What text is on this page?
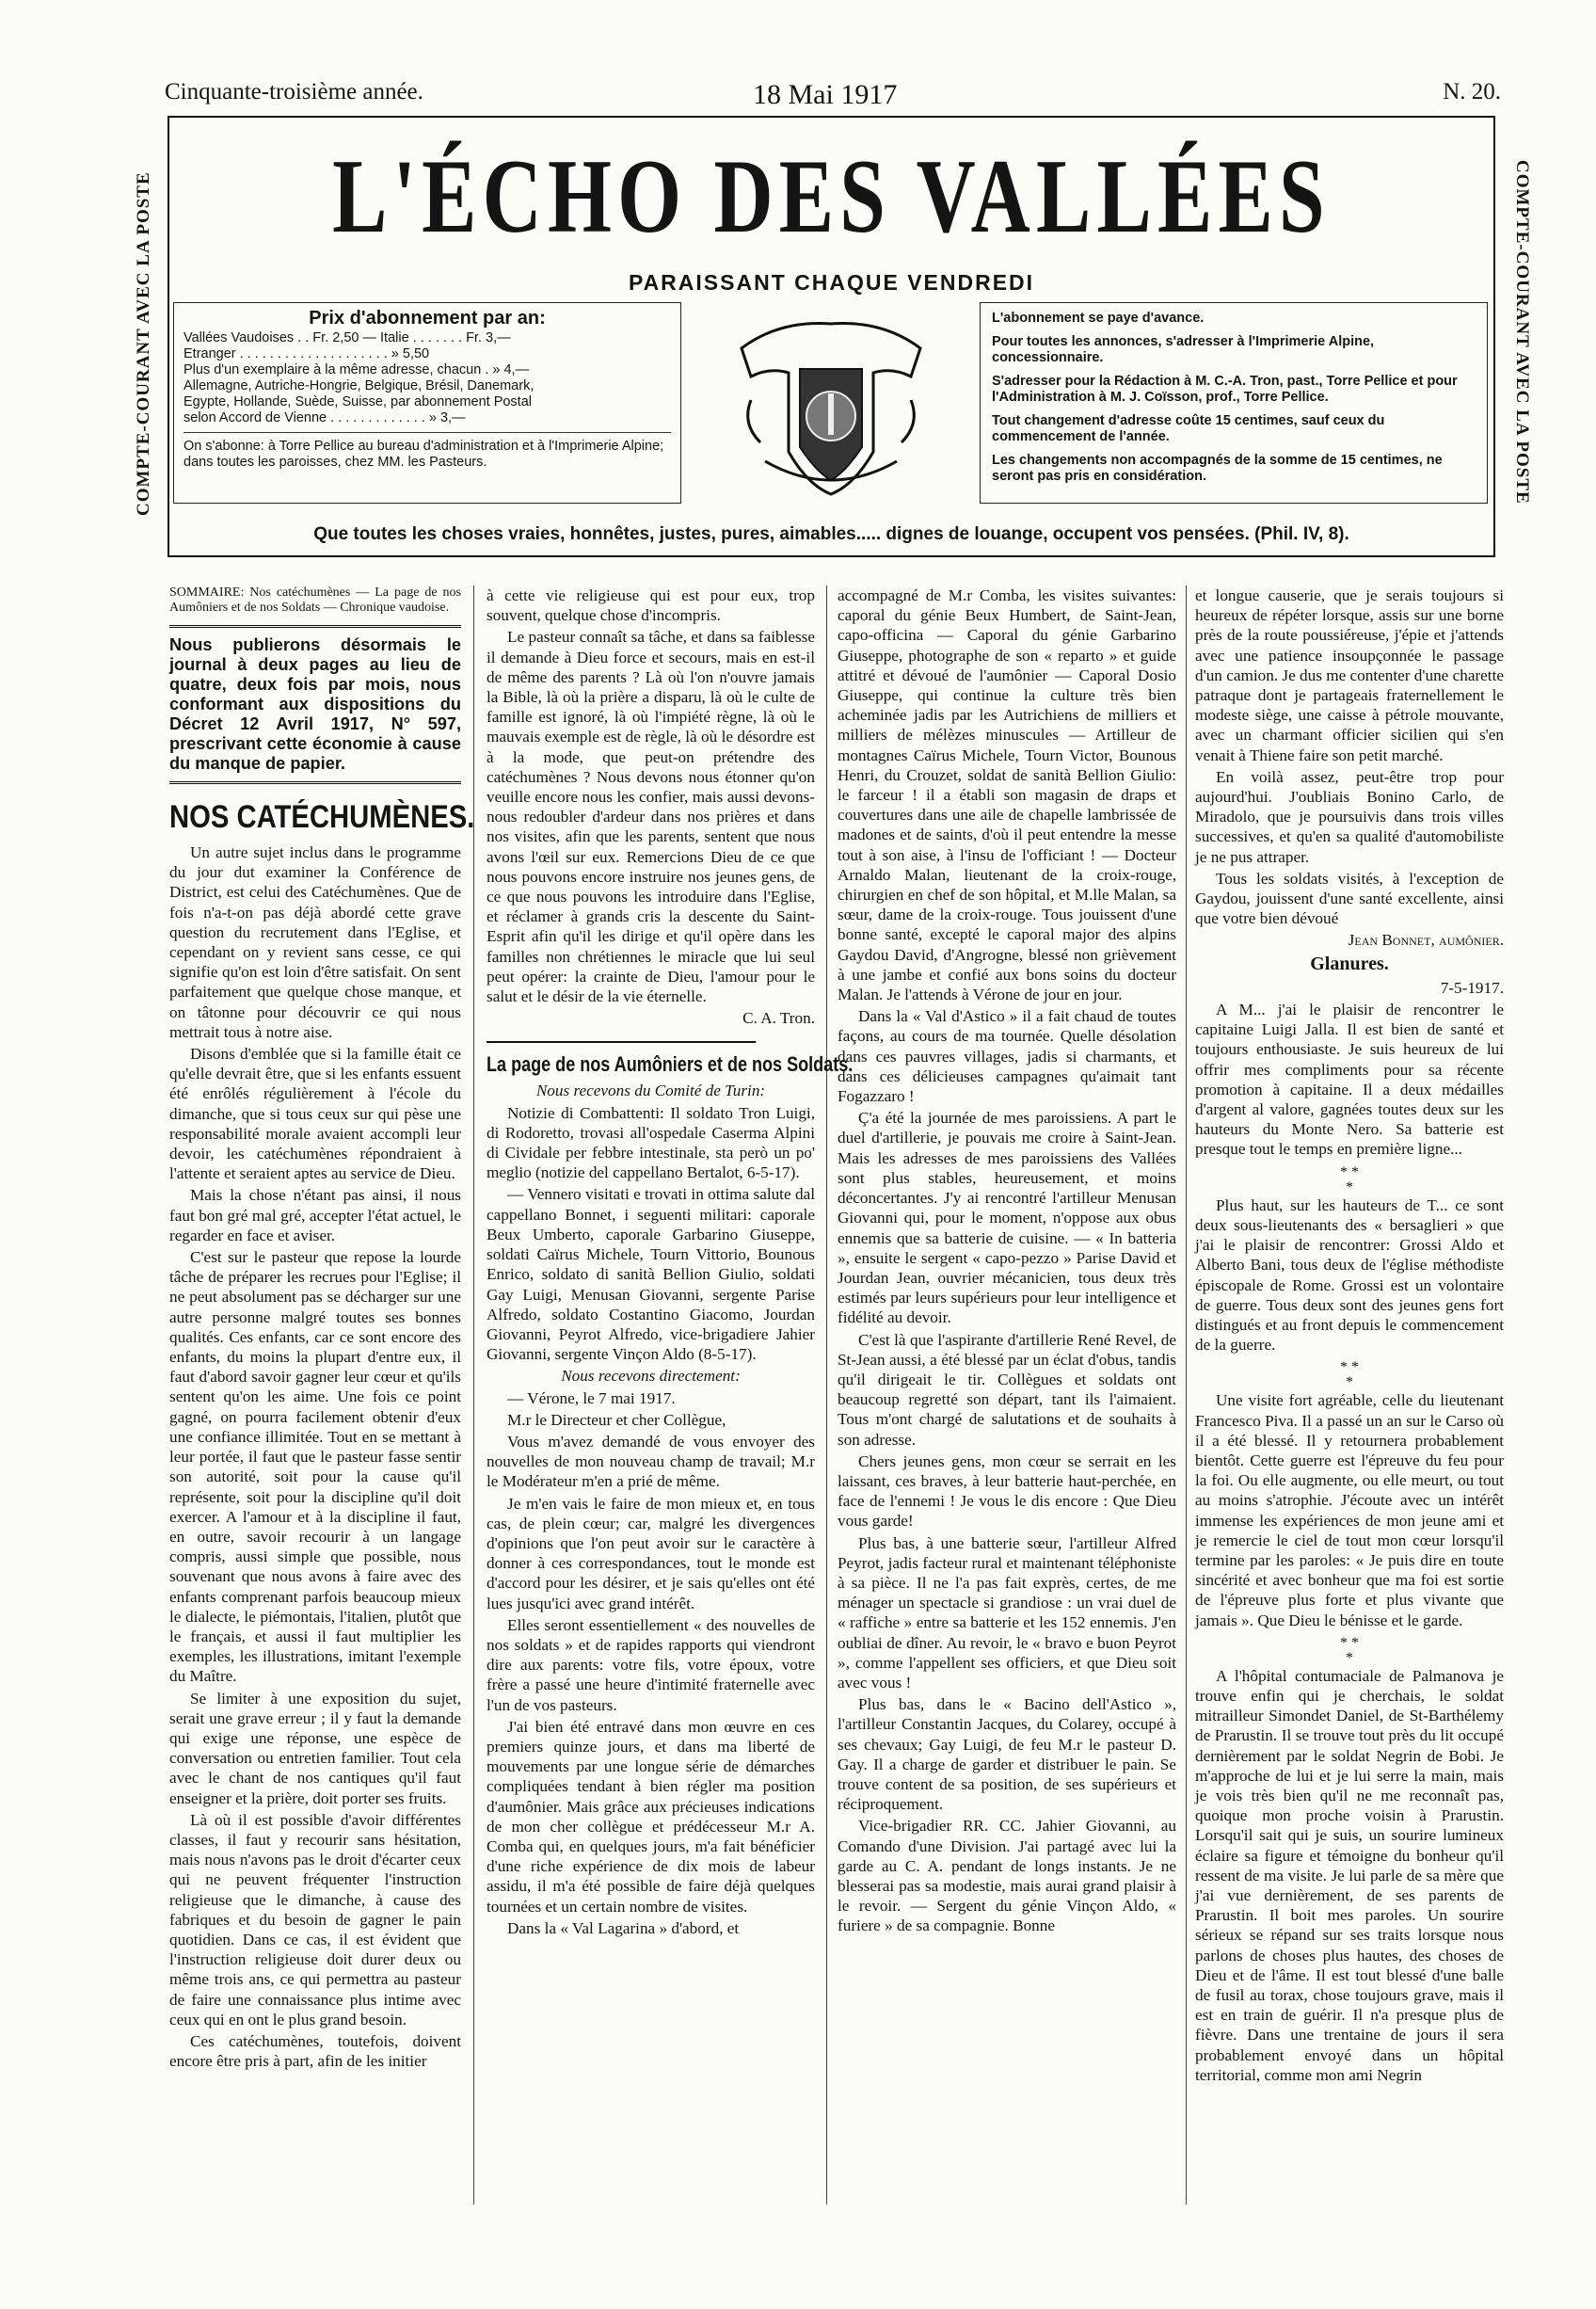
Cinquante-troisième année.	18 Mai 1917	N. 20.
COMPTE-COURANT AVEC LA POSTE	COMPTE-COURANT AVEC LA POSTE
L'ÉCHO DES VALLÉES
PARAISSANT CHAQUE VENDREDI
Prix d'abonnement par an:
Vallées Vaudoises . . Fr. 2,50 — Italie . . . . . . . Fr. 3,—
Etranger . . . . . . . . . . . . . . . . . . . . » 5,50
Plus d'un exemplaire à la même adresse, chacun . » 4,—
Allemagne, Autriche-Hongrie, Belgique, Brésil, Danemark,
Egypte, Hollande, Suède, Suisse, par abonnement Postal
selon Accord de Vienne . . . . . . . . . . . . . » 3,—
On s'abonne: à Torre Pellice au bureau d'administration et à l'Imprimerie Alpine; dans toutes les paroisses, chez MM. les Pasteurs.

L'abonnement se paye d'avance.

Pour toutes les annonces, s'adresser à l'Imprimerie Alpine, concessionnaire.

S'adresser pour la Rédaction à M. C.-A. Tron, past., Torre Pellice et pour l'Administration à M. J. Coïsson, prof., Torre Pellice.

Tout changement d'adresse coûte 15 centimes, sauf ceux du commencement de l'année.

Les changements non accompagnés de la somme de 15 centimes, ne seront pas pris en considération.

Que toutes les choses vraies, honnêtes, justes, pures, aimables..... dignes de louange, occupent vos pensées. (Phil. IV, 8).

SOMMAIRE: Nos catéchumènes — La page de nos Aumôniers et de nos Soldats — Chronique vaudoise.

Nous publierons désormais le journal à deux pages au lieu de quatre, deux fois par mois, nous conformant aux dispositions du Décret 12 Avril 1917, N° 597, prescrivant cette économie à cause du manque de papier.

NOS CATÉCHUMÈNES.

Un autre sujet inclus dans le programme du jour dut examiner la Conférence de District, est celui des Catéchumènes. Que de fois n'a-t-on pas déjà abordé cette grave question du recrutement dans l'Eglise, et cependant on y revient sans cesse, ce qui signifie qu'on est loin d'être satisfait. On sent parfaitement que quelque chose manque, et on tâtonne pour découvrir ce qui nous mettrait tous à notre aise.

Disons d'emblée que si la famille était ce qu'elle devrait être, que si les enfants essuent été enrôlés régulièrement à l'école du dimanche, que si tous ceux sur qui pèse une responsabilité morale avaient accompli leur devoir, les catéchumènes répondraient à l'attente et seraient aptes au service de Dieu.

Mais la chose n'étant pas ainsi, il nous faut bon gré mal gré, accepter l'état actuel, le regarder en face et aviser.

C'est sur le pasteur que repose la lourde tâche de préparer les recrues pour l'Eglise; il ne peut absolument pas se décharger sur une autre personne malgré toutes ses bonnes qualités. Ces enfants, car ce sont encore des enfants, du moins la plupart d'entre eux, il faut d'abord savoir gagner leur cœur et qu'ils sentent qu'on les aime. Une fois ce point gagné, on pourra facilement obtenir d'eux une confiance illimitée. Tout en se mettant à leur portée, il faut que le pasteur fasse sentir son autorité, soit pour la cause qu'il représente, soit pour la discipline qu'il doit exercer. A l'amour et à la discipline il faut, en outre, savoir recourir à un langage compris, aussi simple que possible, nous souvenant que nous avons à faire avec des enfants comprenant parfois beaucoup mieux le dialecte, le piémontais, l'italien, plutôt que le français, et aussi il faut multiplier les exemples, les illustrations, imitant l'exemple du Maître.

Se limiter à une exposition du sujet, serait une grave erreur ; il y faut la demande qui exige une réponse, une espèce de conversation ou entretien familier. Tout cela avec le chant de nos cantiques qu'il faut enseigner et la prière, doit porter ses fruits.

Là où il est possible d'avoir différentes classes, il faut y recourir sans hésitation, mais nous n'avons pas le droit d'écarter ceux qui ne peuvent fréquenter l'instruction religieuse que le dimanche, à cause des fabriques et du besoin de gagner le pain quotidien. Dans ce cas, il est évident que l'instruction religieuse doit durer deux ou même trois ans, ce qui permettra au pasteur de faire une connaissance plus intime avec ceux qui en ont le plus grand besoin.

Ces catéchumènes, toutefois, doivent encore être pris à part, afin de les initier

à cette vie religieuse qui est pour eux, trop souvent, quelque chose d'incompris.

Le pasteur connaît sa tâche, et dans sa faiblesse il demande à Dieu force et secours, mais en est-il de même des parents ? Là où l'on n'ouvre jamais la Bible, là où la prière a disparu, là où le culte de famille est ignoré, là où l'impiété règne, là où le mauvais exemple est de règle, là où le désordre est à la mode, que peut-on prétendre des catéchumènes ? Nous devons nous étonner qu'on veuille encore nous les confier, mais aussi devons-nous redoubler d'ardeur dans nos prières et dans nos visites, afin que les parents, sentent que nous avons l'œil sur eux. Remercions Dieu de ce que nous pouvons encore instruire nos jeunes gens, de ce que nous pouvons les introduire dans l'Eglise, et réclamer à grands cris la descente du Saint-Esprit afin qu'il les dirige et qu'il opère dans les familles non chrétiennes le miracle que lui seul peut opérer: la crainte de Dieu, l'amour pour le salut et le désir de la vie éternelle.

C. A. Tron.

La page de nos Aumôniers et de nos Soldats.

Nous recevons du Comité de Turin:

Notizie di Combattenti: Il soldato Tron Luigi, di Rodoretto, trovasi all'ospedale Caserma Alpini di Cividale per febbre intestinale, sta però un po' meglio (notizie del cappellano Bertalot, 6-5-17).

— Vennero visitati e trovati in ottima salute dal cappellano Bonnet, i seguenti militari: caporale Beux Umberto, caporale Garbarino Giuseppe, soldati Caïrus Michele, Tourn Vittorio, Bounous Enrico, soldato di sanità Bellion Giulio, soldati Gay Luigi, Menusan Giovanni, sergente Parise Alfredo, soldato Costantino Giacomo, Jourdan Giovanni, Peyrot Alfredo, vice-brigadiere Jahier Giovanni, sergente Vinçon Aldo (8-5-17).

Nous recevons directement:

— Vérone, le 7 mai 1917.

M.r le Directeur et cher Collègue,

Vous m'avez demandé de vous envoyer des nouvelles de mon nouveau champ de travail; M.r le Modérateur m'en a prié de même.

Je m'en vais le faire de mon mieux et, en tous cas, de plein cœur; car, malgré les divergences d'opinions que l'on peut avoir sur le caractère à donner à ces correspondances, tout le monde est d'accord pour les désirer, et je sais qu'elles ont été lues jusqu'ici avec grand intérêt.

Elles seront essentiellement « des nouvelles de nos soldats » et de rapides rapports qui viendront dire aux parents: votre fils, votre époux, votre frère a passé une heure d'intimité fraternelle avec l'un de vos pasteurs.

J'ai bien été entravé dans mon œuvre en ces premiers quinze jours, et dans ma liberté de mouvements par une longue série de démarches compliquées tendant à bien régler ma position d'aumônier. Mais grâce aux précieuses indications de mon cher collègue et prédécesseur M.r A. Comba qui, en quelques jours, m'a fait bénéficier d'une riche expérience de dix mois de labeur assidu, il m'a été possible de faire déjà quelques tournées et un certain nombre de visites.

Dans la « Val Lagarina » d'abord, et

accompagné de M.r Comba, les visites suivantes: caporal du génie Beux Humbert, de Saint-Jean, capo-officina — Caporal du génie Garbarino Giuseppe, photographe de son « reparto » et guide attitré et dévoué de l'aumônier — Caporal Dosio Giuseppe, qui continue la culture très bien acheminée jadis par les Autrichiens de milliers et milliers de mélèzes minuscules — Artilleur de montagnes Caïrus Michele, Tourn Victor, Bounous Henri, du Crouzet, soldat de sanità Bellion Giulio: le farceur ! il a établi son magasin de draps et couvertures dans une aile de chapelle lambrissée de madones et de saints, d'où il peut entendre la messe tout à son aise, à l'insu de l'officiant ! — Docteur Arnaldo Malan, lieutenant de la croix-rouge, chirurgien en chef de son hôpital, et M.lle Malan, sa sœur, dame de la croix-rouge. Tous jouissent d'une bonne santé, excepté le caporal major des alpins Gaydou David, d'Angrogne, blessé non grièvement à une jambe et confié aux bons soins du docteur Malan. Je l'attends à Vérone de jour en jour.

Dans la « Val d'Astico » il a fait chaud de toutes façons, au cours de ma tournée. Quelle désolation dans ces pauvres villages, jadis si charmants, et dans ces délicieuses campagnes qu'aimait tant Fogazzaro !

Ç'a été la journée de mes paroissiens. A part le duel d'artillerie, je pouvais me croire à Saint-Jean. Mais les adresses de mes paroissiens des Vallées sont plus stables, heureusement, et moins déconcertantes. J'y ai rencontré l'artilleur Menusan Giovanni qui, pour le moment, n'oppose aux obus ennemis que sa batterie de cuisine. — « In batteria », ensuite le sergent « capo-pezzo » Parise David et Jourdan Jean, ouvrier mécanicien, tous deux très estimés par leurs supérieurs pour leur intelligence et fidélité au devoir.

C'est là que l'aspirante d'artillerie René Revel, de St-Jean aussi, a été blessé par un éclat d'obus, tandis qu'il dirigeait le tir. Collègues et soldats ont beaucoup regretté son départ, tant ils l'aimaient. Tous m'ont chargé de salutations et de souhaits à son adresse.

Chers jeunes gens, mon cœur se serrait en les laissant, ces braves, à leur batterie haut-perchée, en face de l'ennemi ! Je vous le dis encore : Que Dieu vous garde!

Plus bas, à une batterie sœur, l'artilleur Alfred Peyrot, jadis facteur rural et maintenant téléphoniste à sa pièce. Il ne l'a pas fait exprès, certes, de me ménager un spectacle si grandiose : un vrai duel de « raffiche » entre sa batterie et les 152 ennemis. J'en oubliai de dîner. Au revoir, le « bravo e buon Peyrot », comme l'appellent ses officiers, et que Dieu soit avec vous !

Plus bas, dans le « Bacino dell'Astico », l'artilleur Constantin Jacques, du Colarey, occupé à ses chevaux; Gay Luigi, de feu M.r le pasteur D. Gay. Il a charge de garder et distribuer le pain. Se trouve content de sa position, de ses supérieurs et réciproquement.

Vice-brigadier RR. CC. Jahier Giovanni, au Comando d'une Division. J'ai partagé avec lui la garde au C. A. pendant de longs instants. Je ne blesserai pas sa modestie, mais aurai grand plaisir à le revoir. — Sergent du génie Vinçon Aldo, « furiere » de sa compagnie. Bonne

et longue causerie, que je serais toujours si heureux de répéter lorsque, assis sur une borne près de la route poussiéreuse, j'épie et j'attends avec une patience insoupçonnée le passage d'un camion. Je dus me contenter d'une charette patraque dont je partageais fraternellement le modeste siège, une caisse à pétrole mouvante, avec un charmant officier sicilien qui s'en venait à Thiene faire son petit marché.

En voilà assez, peut-être trop pour aujourd'hui. J'oubliais Bonino Carlo, de Miradolo, que je poursuivis dans trois villes successives, et qu'en sa qualité d'automobiliste je ne pus attraper.

Tous les soldats visités, à l'exception de Gaydou, jouissent d'une santé excellente, ainsi que votre bien dévoué

Jean Bonnet, aumônier.

Glanures.

7-5-1917.

A M... j'ai le plaisir de rencontrer le capitaine Luigi Jalla. Il est bien de santé et toujours enthousiaste. Je suis heureux de lui offrir mes compliments pour sa récente promotion à capitaine. Il a deux médailles d'argent al valore, gagnées toutes deux sur les hauteurs du Monte Nero. Sa batterie est presque tout le temps en première ligne...

* *
*

Plus haut, sur les hauteurs de T... ce sont deux sous-lieutenants des « bersaglieri » que j'ai le plaisir de rencontrer: Grossi Aldo et Alberto Bani, tous deux de l'église méthodiste épiscopale de Rome. Grossi est un volontaire de guerre. Tous deux sont des jeunes gens fort distingués et au front depuis le commencement de la guerre.

* *
*

Une visite fort agréable, celle du lieutenant Francesco Piva. Il a passé un an sur le Carso où il a été blessé. Il y retournera probablement bientôt. Cette guerre est l'épreuve du feu pour la foi. Ou elle augmente, ou elle meurt, ou tout au moins s'atrophie. J'écoute avec un intérêt immense les expériences de mon jeune ami et je remercie le ciel de tout mon cœur lorsqu'il termine par les paroles: « Je puis dire en toute sincérité et avec bonheur que ma foi est sortie de l'épreuve plus forte et plus vivante que jamais ». Que Dieu le bénisse et le garde.

* *
*

A l'hôpital contumaciale de Palmanova je trouve enfin qui je cherchais, le soldat mitrailleur Simondet Daniel, de St-Barthélemy de Prarustin. Il se trouve tout près du lit occupé dernièrement par le soldat Negrin de Bobi. Je m'approche de lui et je lui serre la main, mais je vois très bien qu'il ne me reconnaît pas, quoique mon proche voisin à Prarustin. Lorsqu'il sait qui je suis, un sourire lumineux éclaire sa figure et témoigne du bonheur qu'il ressent de ma visite. Je lui parle de sa mère que j'ai vue dernièrement, de ses parents de Prarustin. Il boit mes paroles. Un sourire sérieux se répand sur ses traits lorsque nous parlons de choses plus hautes, des choses de Dieu et de l'âme. Il est tout blessé d'une balle de fusil au torax, chose toujours grave, mais il est en train de guérir. Il n'a presque plus de fièvre. Dans une trentaine de jours il sera probablement envoyé dans un hôpital territorial, comme mon ami Negrin
